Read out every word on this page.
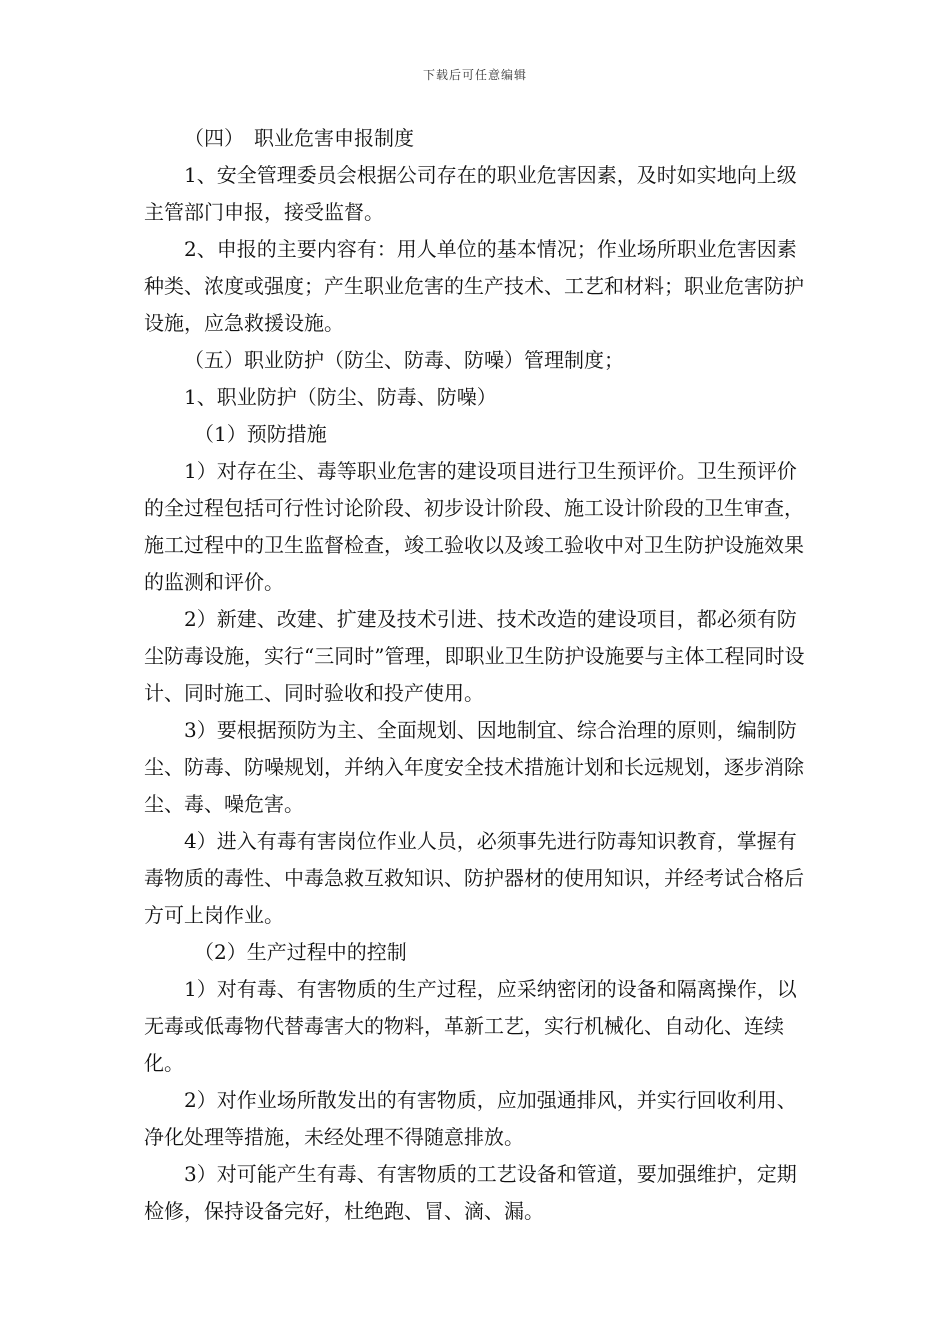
下载后可任意编辑

（四）　职业危害申报制度

1、安全管理委员会根据公司存在的职业危害因素，及时如实地向上级主管部门申报，接受监督。

2、申报的主要内容有：用人单位的基本情况；作业场所职业危害因素种类、浓度或强度；产生职业危害的生产技术、工艺和材料；职业危害防护设施，应急救援设施。

（五）职业防护（防尘、防毒、防噪）管理制度；

1、职业防护（防尘、防毒、防噪）

（1）预防措施

1）对存在尘、毒等职业危害的建设项目进行卫生预评价。卫生预评价的全过程包括可行性讨论阶段、初步设计阶段、施工设计阶段的卫生审查，施工过程中的卫生监督检查，竣工验收以及竣工验收中对卫生防护设施效果的监测和评价。

2）新建、改建、扩建及技术引进、技术改造的建设项目，都必须有防尘防毒设施，实行“三同时”管理，即职业卫生防护设施要与主体工程同时设计、同时施工、同时验收和投产使用。

3）要根据预防为主、全面规划、因地制宜、综合治理的原则，编制防尘、防毒、防噪规划，并纳入年度安全技术措施计划和长远规划，逐步消除尘、毒、噪危害。

4）进入有毒有害岗位作业人员，必须事先进行防毒知识教育，掌握有毒物质的毒性、中毒急救互救知识、防护器材的使用知识，并经考试合格后方可上岗作业。

（2）生产过程中的控制

1）对有毒、有害物质的生产过程，应采纳密闭的设备和隔离操作，以无毒或低毒物代替毒害大的物料，革新工艺，实行机械化、自动化、连续化。

2）对作业场所散发出的有害物质，应加强通排风，并实行回收利用、净化处理等措施，未经处理不得随意排放。

3）对可能产生有毒、有害物质的工艺设备和管道，要加强维护，定期检修，保持设备完好，杜绝跑、冒、滴、漏。
